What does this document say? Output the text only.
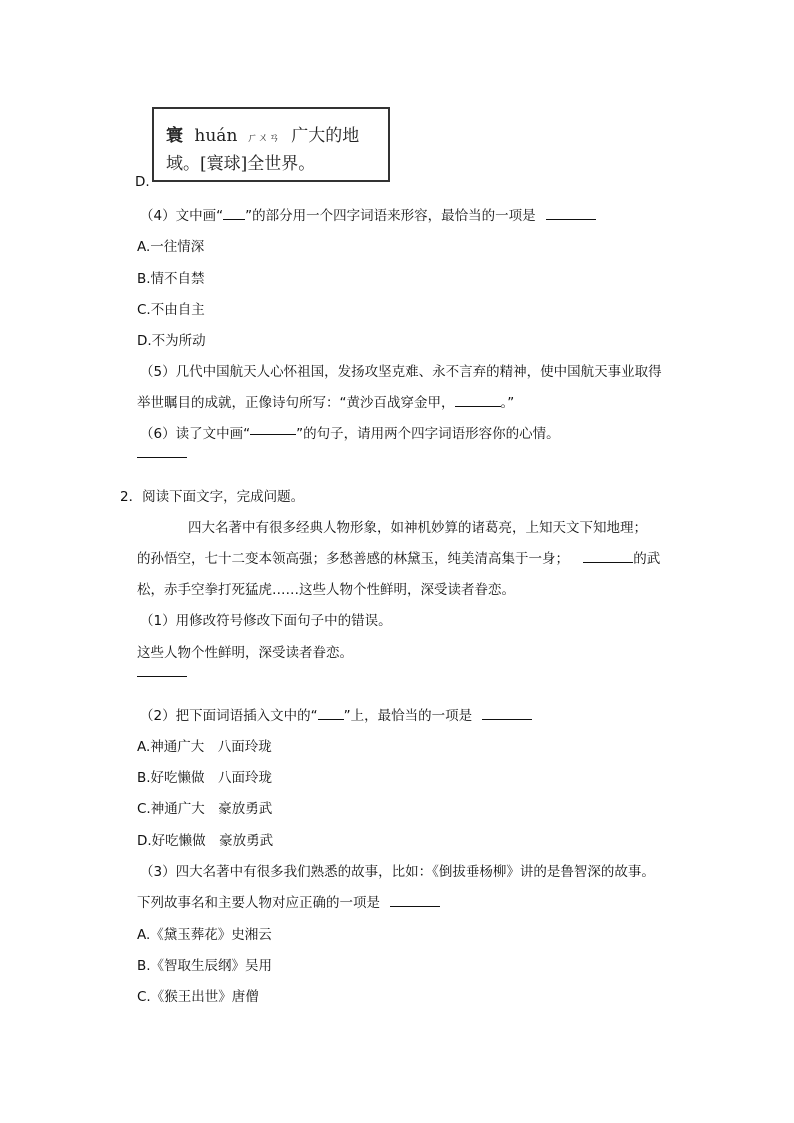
D.
寰 huán ㄏㄨㄢ 广大的地
域。[寰球]全世界。
（4）文中画“ ”的部分用一个四字词语来形容，最恰当的一项是
A.一往情深
B.情不自禁
C.不由自主
D.不为所动
（5）几代中国航天人心怀祖国，发扬攻坚克难、永不言弃的精神，使中国航天事业取得
举世瞩目的成就，正像诗句所写：“黄沙百战穿金甲，	。”
（6）读了文中画“	”的句子，请用两个四字词语形容你的心情。
2．阅读下面文字，完成问题。
四大名著中有很多经典人物形象，如神机妙算的诸葛亮，上知天文下知地理；
的孙悟空，七十二变本领高强；多愁善感的林黛玉，纯美清高集于一身；	的武
松，赤手空拳打死猛虎……这些人物个性鲜明，深受读者眷恋。
（1）用修改符号修改下面句子中的错误。
这些人物个性鲜明，深受读者眷恋。
（2）把下面词语插入文中的“ ”上，最恰当的一项是
A.神通广大　八面玲珑
B.好吃懒做　八面玲珑
C.神通广大　豪放勇武
D.好吃懒做　豪放勇武
（3）四大名著中有很多我们熟悉的故事，比如：《倒拔垂杨柳》讲的是鲁智深的故事。
下列故事名和主要人物对应正确的一项是
A.《黛玉葬花》史湘云
B.《智取生辰纲》吴用
C.《猴王出世》唐僧
